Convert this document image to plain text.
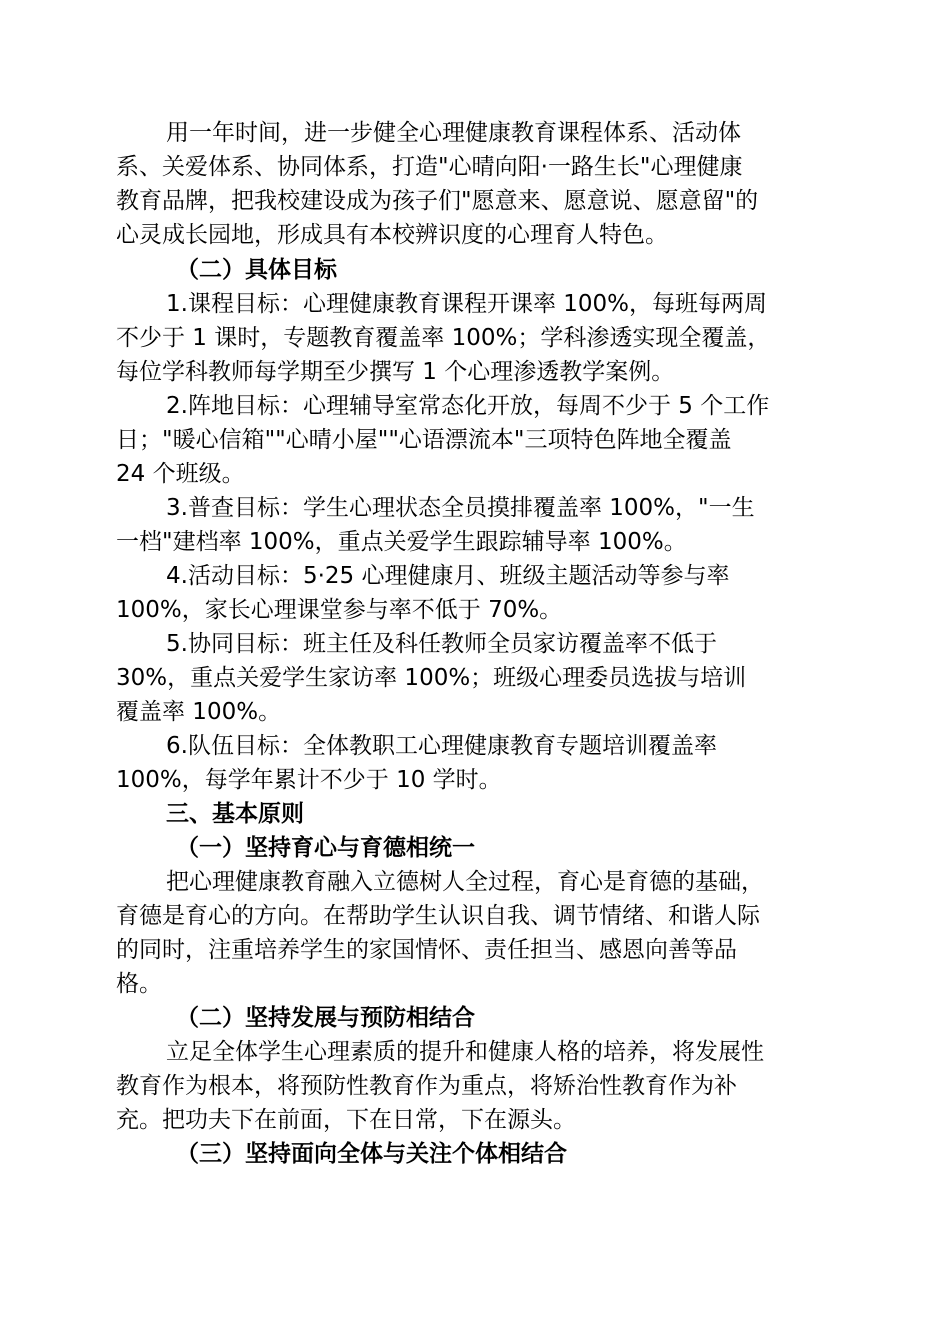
用一年时间，进一步健全心理健康教育课程体系、活动体
系、关爱体系、协同体系，打造"心晴向阳·一路生长"心理健康
教育品牌，把我校建设成为孩子们"愿意来、愿意说、愿意留"的
心灵成长园地，形成具有本校辨识度的心理育人特色。
（二）具体目标
1.课程目标：心理健康教育课程开课率 100%，每班每两周
不少于 1 课时，专题教育覆盖率 100%；学科渗透实现全覆盖，
每位学科教师每学期至少撰写 1 个心理渗透教学案例。
2.阵地目标：心理辅导室常态化开放，每周不少于 5 个工作
日；"暖心信箱""心晴小屋""心语漂流本"三项特色阵地全覆盖
24 个班级。
3.普查目标：学生心理状态全员摸排覆盖率 100%，"一生
一档"建档率 100%，重点关爱学生跟踪辅导率 100%。
4.活动目标：5·25 心理健康月、班级主题活动等参与率
100%，家长心理课堂参与率不低于 70%。
5.协同目标：班主任及科任教师全员家访覆盖率不低于
30%，重点关爱学生家访率 100%；班级心理委员选拔与培训
覆盖率 100%。
6.队伍目标：全体教职工心理健康教育专题培训覆盖率
100%，每学年累计不少于 10 学时。
三、基本原则
（一）坚持育心与育德相统一
把心理健康教育融入立德树人全过程，育心是育德的基础，
育德是育心的方向。在帮助学生认识自我、调节情绪、和谐人际
的同时，注重培养学生的家国情怀、责任担当、感恩向善等品
格。
（二）坚持发展与预防相结合
立足全体学生心理素质的提升和健康人格的培养，将发展性
教育作为根本，将预防性教育作为重点，将矫治性教育作为补
充。把功夫下在前面，下在日常，下在源头。
（三）坚持面向全体与关注个体相结合
